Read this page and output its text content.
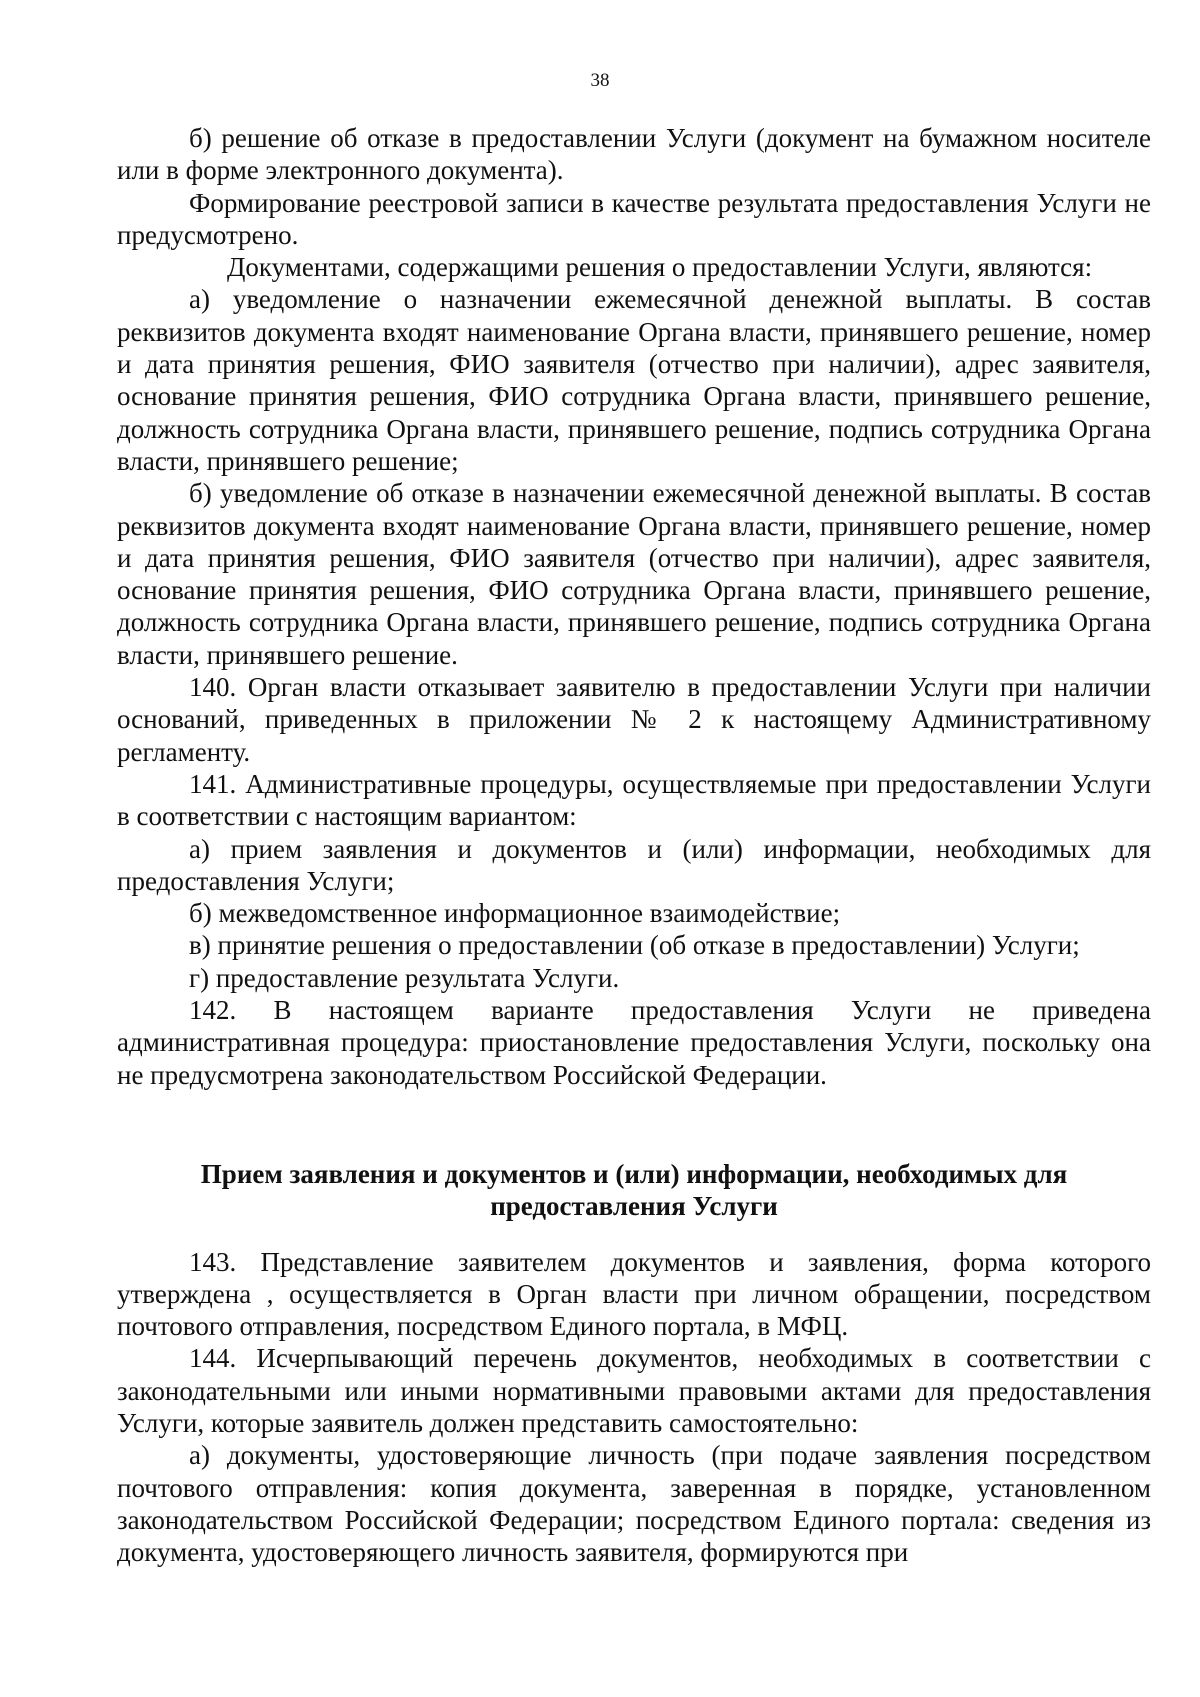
38

б) решение об отказе в предоставлении Услуги (документ на бумажном носителе или в форме электронного документа).

Формирование реестровой записи в качестве результата предоставления Услуги не предусмотрено.

Документами, содержащими решения о предоставлении Услуги, являются:

а) уведомление о назначении ежемесячной денежной выплаты. В состав реквизитов документа входят наименование Органа власти, принявшего решение, номер и дата принятия решения, ФИО заявителя (отчество при наличии), адрес заявителя, основание принятия решения, ФИО сотрудника Органа власти, принявшего решение, должность сотрудника Органа власти, принявшего решение, подпись сотрудника Органа власти, принявшего решение;

б) уведомление об отказе в назначении ежемесячной денежной выплаты. В состав реквизитов документа входят наименование Органа власти, принявшего решение, номер и дата принятия решения, ФИО заявителя (отчество при наличии), адрес заявителя, основание принятия решения, ФИО сотрудника Органа власти, принявшего решение, должность сотрудника Органа власти, принявшего решение, подпись сотрудника Органа власти, принявшего решение.

140. Орган власти отказывает заявителю в предоставлении Услуги при наличии оснований, приведенных в приложении № 2 к настоящему Административному регламенту.

141. Административные процедуры, осуществляемые при предоставлении Услуги в соответствии с настоящим вариантом:

а) прием заявления и документов и (или) информации, необходимых для предоставления Услуги;

б) межведомственное информационное взаимодействие;

в) принятие решения о предоставлении (об отказе в предоставлении) Услуги;

г) предоставление результата Услуги.

142. В настоящем варианте предоставления Услуги не приведена административная процедура: приостановление предоставления Услуги, поскольку она не предусмотрена законодательством Российской Федерации.

Прием заявления и документов и (или) информации, необходимых для
предоставления Услуги

143. Представление заявителем документов и заявления, форма которого утверждена , осуществляется в Орган власти при личном обращении, посредством почтового отправления, посредством Единого портала, в МФЦ.

144. Исчерпывающий перечень документов, необходимых в соответствии с законодательными или иными нормативными правовыми актами для предоставления Услуги, которые заявитель должен представить самостоятельно:

а) документы, удостоверяющие личность (при подаче заявления посредством почтового отправления: копия документа, заверенная в порядке, установленном законодательством Российской Федерации; посредством Единого портала: сведения из документа, удостоверяющего личность заявителя, формируются при
